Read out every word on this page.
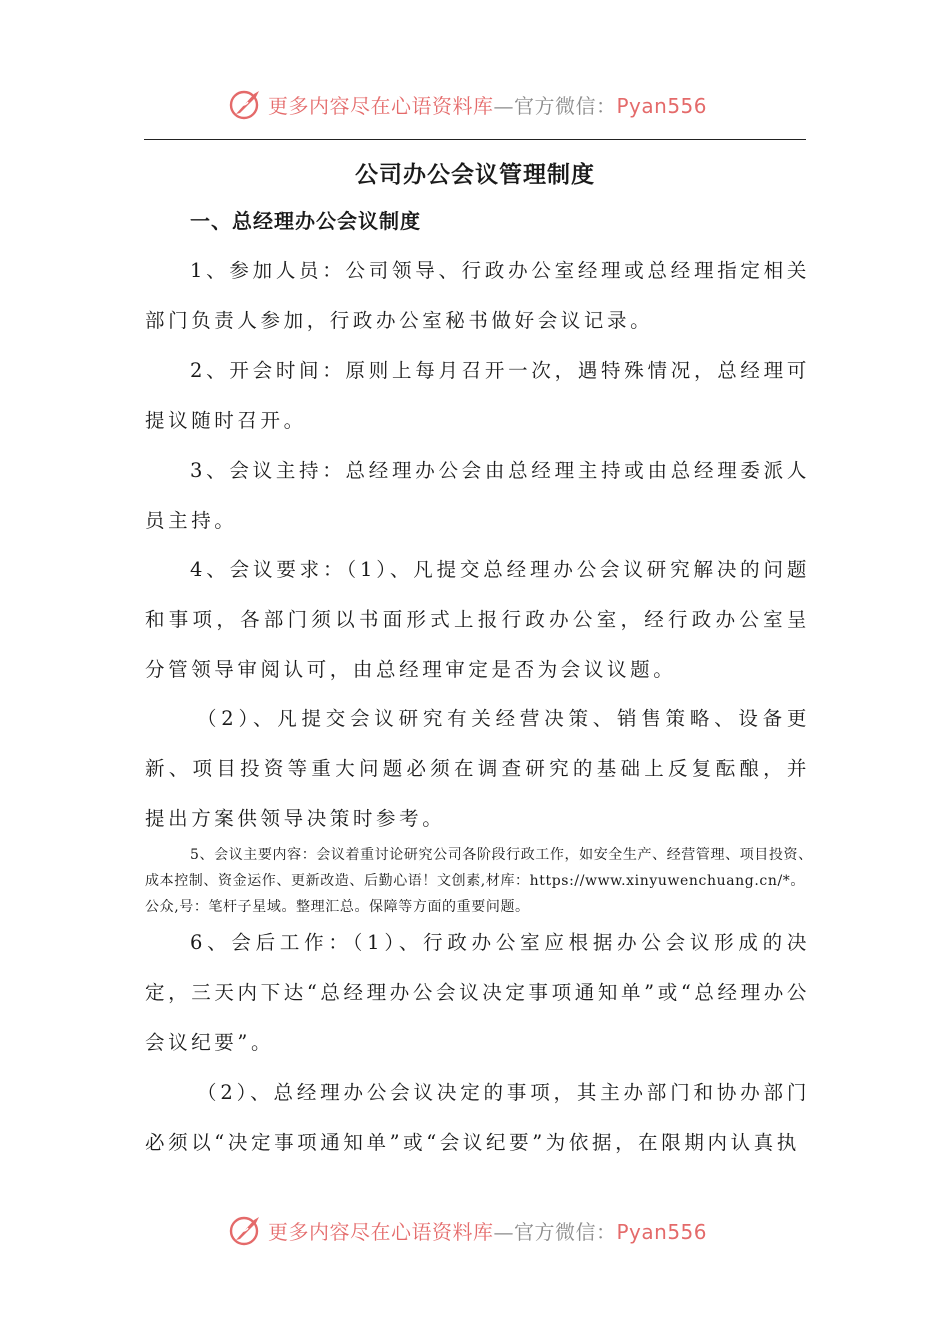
更多内容尽在心语资料库—官方微信：Pyan556
公司办公会议管理制度
一、总经理办公会议制度

1、参加人员：公司领导、行政办公室经理或总经理指定相关部门负责人参加，行政办公室秘书做好会议记录。

2、开会时间：原则上每月召开一次，遇特殊情况，总经理可提议随时召开。

3、会议主持：总经理办公会由总经理主持或由总经理委派人员主持。

4、会议要求：（1）、凡提交总经理办公会议研究解决的问题和事项，各部门须以书面形式上报行政办公室，经行政办公室呈分管领导审阅认可，由总经理审定是否为会议议题。

（2）、凡提交会议研究有关经营决策、销售策略、设备更新、项目投资等重大问题必须在调查研究的基础上反复酝酿，并提出方案供领导决策时参考。

5、会议主要内容：会议着重讨论研究公司各阶段行政工作，如安全生产、经营管理、项目投资、成本控制、资金运作、更新改造、后勤心语！文创素,材库：https://www.xinyuwenchuang.cn/*。公众,号：笔杆子星域。整理汇总。保障等方面的重要问题。

6、会后工作：（1）、行政办公室应根据办公会议形成的决定，三天内下达“总经理办公会议决定事项通知单”或“总经理办公会议纪要”。

（2）、总经理办公会议决定的事项，其主办部门和协办部门必须以“决定事项通知单”或“会议纪要”为依据，在限期内认真执

更多内容尽在心语资料库—官方微信：Pyan556
